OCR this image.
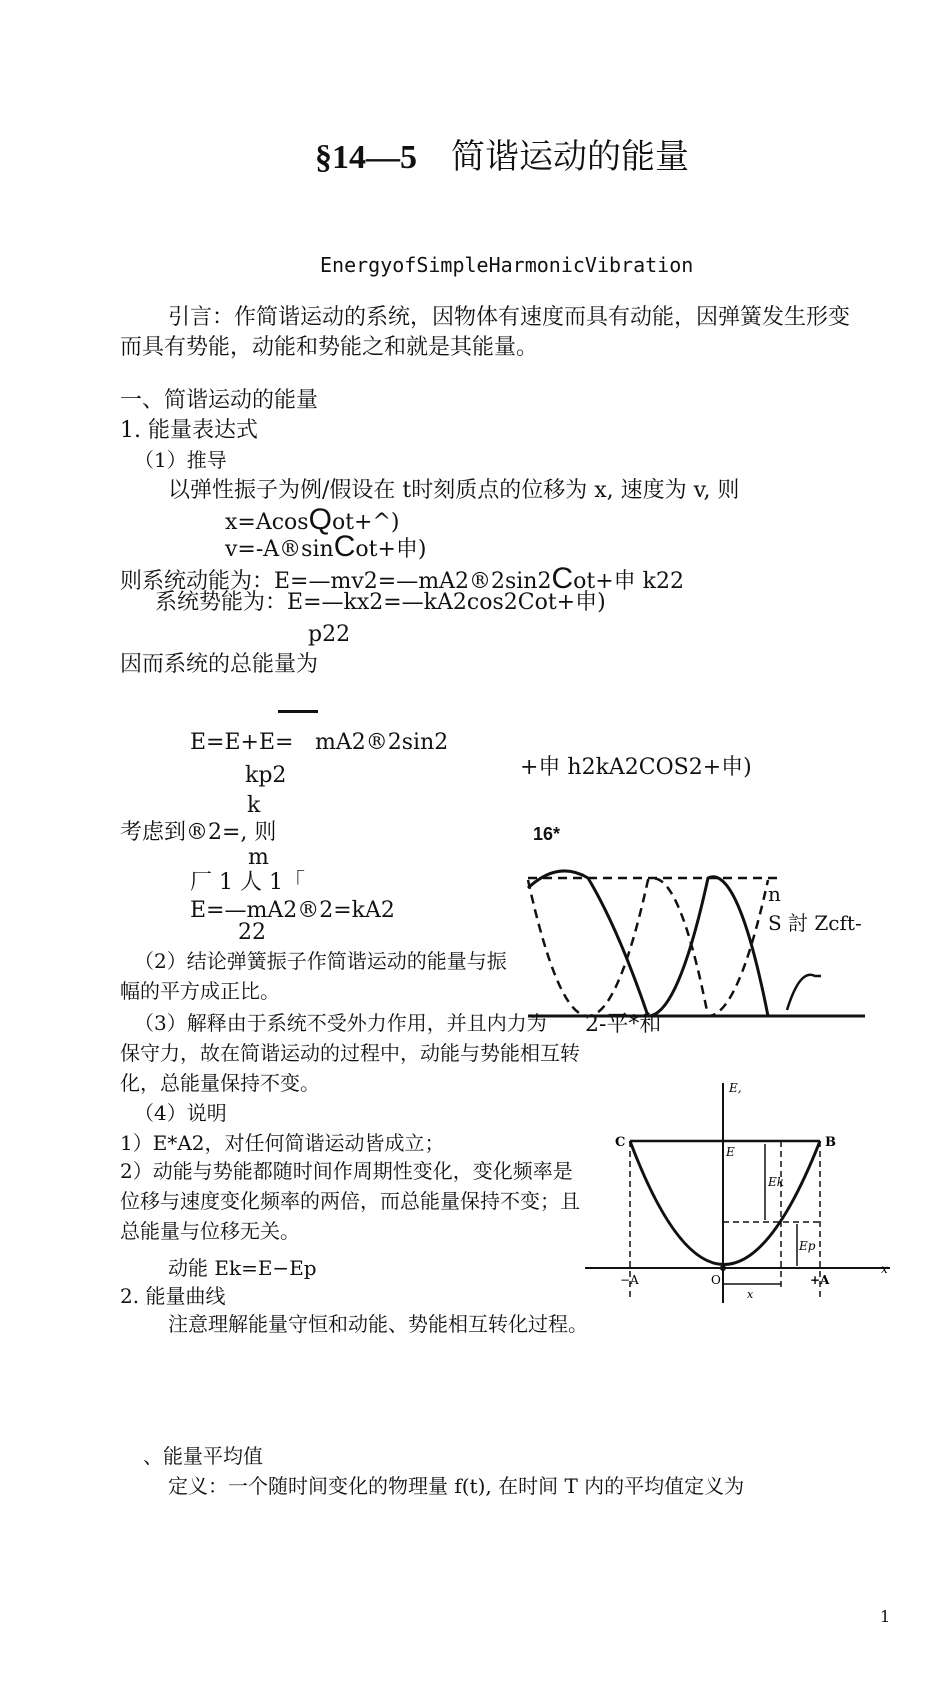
§14—5 简谐运动的能量
EnergyofSimpleHarmonicVibration
引言：作简谐运动的系统，因物体有速度而具有动能，因弹簧发生形变
而具有势能，动能和势能之和就是其能量。
一、简谐运动的能量
1. 能量表达式
（1）推导
以弹性振子为例/假设在 t时刻质点的位移为 x, 速度为 v, 则
x=AcosQot+^)
v=-A®sinCot+申)
则系统动能为：E=—mv2=—mA2®2sin2Cot+申 k22
系统势能为：E=—kx2=—kA2cos2Cot+申)
p22
因而系统的总能量为
E=E+E= mA2®2sin2
+申 h2kA2COS2+申)
kp2
k
考虑到®2=, 则
m
厂 1 人 1「
E=—mA2®2=kA2
22
（2）结论弹簧振子作简谐运动的能量与振
幅的平方成正比。
（3）解释由于系统不受外力作用，并且内力为
保守力，故在简谐运动的过程中，动能与势能相互转
化，总能量保持不变。
（4）说明
1）E*A2，对任何简谐运动皆成立；
2）动能与势能都随时间作周期性变化，变化频率是
位移与速度变化频率的两倍，而总能量保持不变；且
总能量与位移无关。
动能 Ek=E−Ep
2. 能量曲线
注意理解能量守恒和动能、势能相互转化过程。
16*
n
S 討 Zcft-
2-平*和
E,
C
E
B
Ek
Ep
−A	O	+A
x
x
、能量平均值
定义：一个随时间变化的物理量 f(t), 在时间 T 内的平均值定义为
1
